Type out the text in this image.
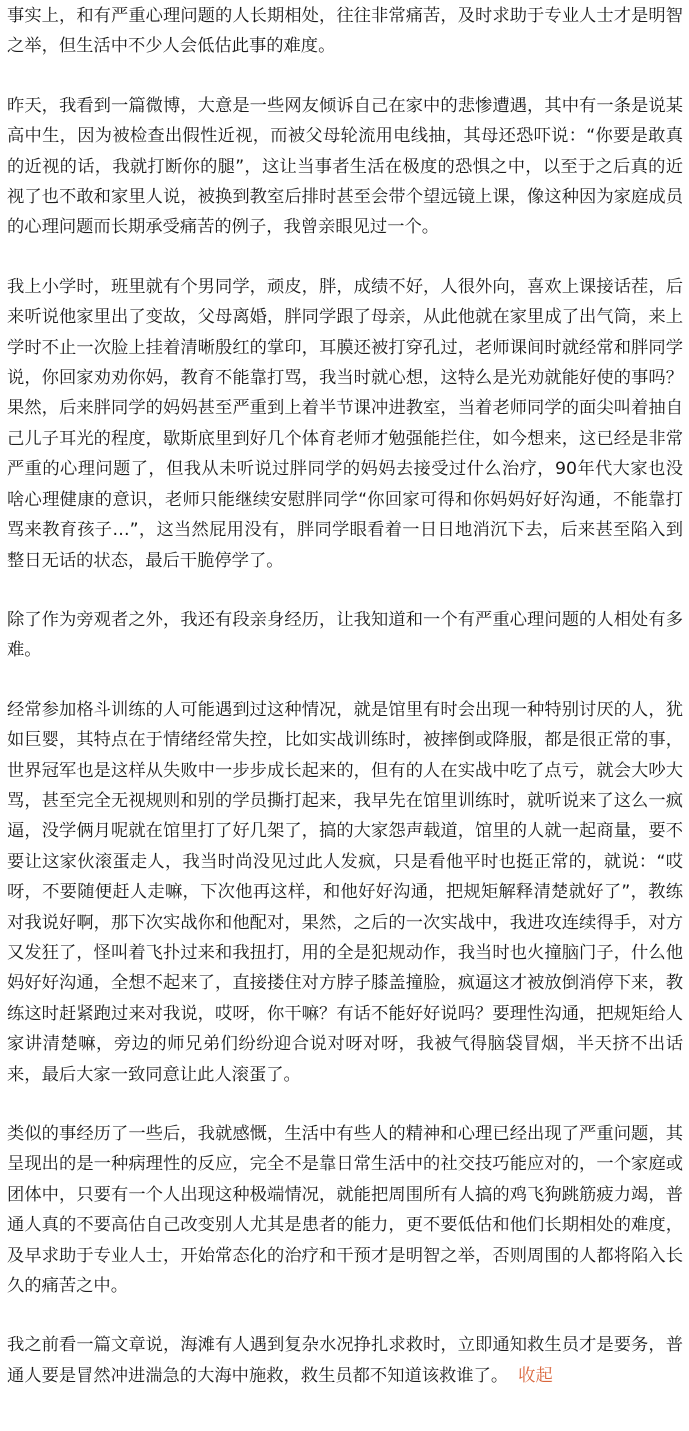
事实上，和有严重心理问题的人长期相处，往往非常痛苦，及时求助于专业人士才是明智之举，但生活中不少人会低估此事的难度。

昨天，我看到一篇微博，大意是一些网友倾诉自己在家中的悲惨遭遇，其中有一条是说某高中生，因为被检查出假性近视，而被父母轮流用电线抽，其母还恐吓说：“你要是敢真的近视的话，我就打断你的腿”，这让当事者生活在极度的恐惧之中，以至于之后真的近视了也不敢和家里人说，被换到教室后排时甚至会带个望远镜上课，像这种因为家庭成员的心理问题而长期承受痛苦的例子，我曾亲眼见过一个。

我上小学时，班里就有个男同学，顽皮，胖，成绩不好，人很外向，喜欢上课接话茬，后来听说他家里出了变故，父母离婚，胖同学跟了母亲，从此他就在家里成了出气筒，来上学时不止一次脸上挂着清晰殷红的掌印，耳膜还被打穿孔过，老师课间时就经常和胖同学说，你回家劝劝你妈，教育不能靠打骂，我当时就心想，这特么是光劝就能好使的事吗？果然，后来胖同学的妈妈甚至严重到上着半节课冲进教室，当着老师同学的面尖叫着抽自己儿子耳光的程度，歇斯底里到好几个体育老师才勉强能拦住，如今想来，这已经是非常严重的心理问题了，但我从未听说过胖同学的妈妈去接受过什么治疗，90年代大家也没啥心理健康的意识，老师只能继续安慰胖同学“你回家可得和你妈妈好好沟通，不能靠打骂来教育孩子…”，这当然屁用没有，胖同学眼看着一日日地消沉下去，后来甚至陷入到整日无话的状态，最后干脆停学了。

除了作为旁观者之外，我还有段亲身经历，让我知道和一个有严重心理问题的人相处有多难。

经常参加格斗训练的人可能遇到过这种情况，就是馆里有时会出现一种特别讨厌的人，犹如巨婴，其特点在于情绪经常失控，比如实战训练时，被摔倒或降服，都是很正常的事，世界冠军也是这样从失败中一步步成长起来的，但有的人在实战中吃了点亏，就会大吵大骂，甚至完全无视规则和别的学员撕打起来，我早先在馆里训练时，就听说来了这么一疯逼，没学俩月呢就在馆里打了好几架了，搞的大家怨声载道，馆里的人就一起商量，要不要让这家伙滚蛋走人，我当时尚没见过此人发疯，只是看他平时也挺正常的，就说：“哎呀，不要随便赶人走嘛，下次他再这样，和他好好沟通，把规矩解释清楚就好了”，教练对我说好啊，那下次实战你和他配对，果然，之后的一次实战中，我进攻连续得手，对方又发狂了，怪叫着飞扑过来和我扭打，用的全是犯规动作，我当时也火撞脑门子，什么他妈好好沟通，全想不起来了，直接搂住对方脖子膝盖撞脸，疯逼这才被放倒消停下来，教练这时赶紧跑过来对我说，哎呀，你干嘛？有话不能好好说吗？要理性沟通，把规矩给人家讲清楚嘛，旁边的师兄弟们纷纷迎合说对呀对呀，我被气得脑袋冒烟，半天挤不出话来，最后大家一致同意让此人滚蛋了。

类似的事经历了一些后，我就感慨，生活中有些人的精神和心理已经出现了严重问题，其呈现出的是一种病理性的反应，完全不是靠日常生活中的社交技巧能应对的，一个家庭或团体中，只要有一个人出现这种极端情况，就能把周围所有人搞的鸡飞狗跳筋疲力竭，普通人真的不要高估自己改变别人尤其是患者的能力，更不要低估和他们长期相处的难度，及早求助于专业人士，开始常态化的治疗和干预才是明智之举，否则周围的人都将陷入长久的痛苦之中。

我之前看一篇文章说，海滩有人遇到复杂水况挣扎求救时，立即通知救生员才是要务，普通人要是冒然冲进湍急的大海中施救，救生员都不知道该救谁了。 收起
